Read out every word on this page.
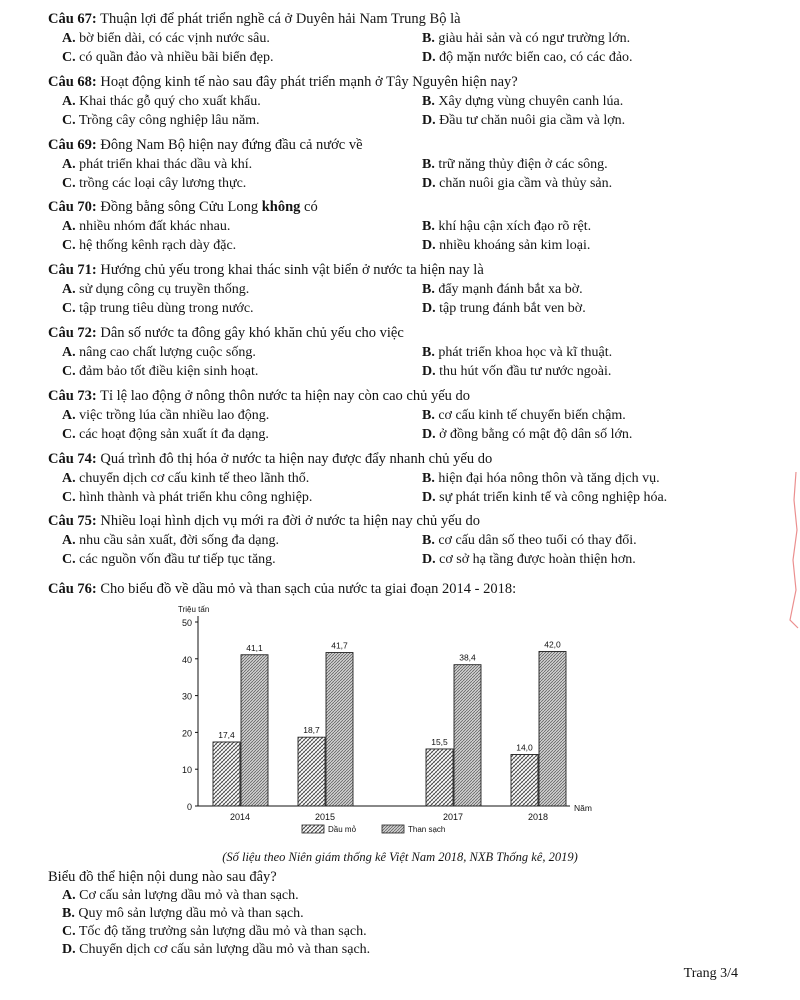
Câu 67: Thuận lợi để phát triển nghề cá ở Duyên hải Nam Trung Bộ là
A. bờ biển dài, có các vịnh nước sâu.	B. giàu hải sản và có ngư trường lớn.
C. có quần đảo và nhiều bãi biển đẹp.	D. độ mặn nước biển cao, có các đảo.
Câu 68: Hoạt động kinh tế nào sau đây phát triển mạnh ở Tây Nguyên hiện nay?
A. Khai thác gỗ quý cho xuất khẩu.	B. Xây dựng vùng chuyên canh lúa.
C. Trồng cây công nghiệp lâu năm.	D. Đầu tư chăn nuôi gia cầm và lợn.
Câu 69: Đông Nam Bộ hiện nay đứng đầu cả nước về
A. phát triển khai thác dầu và khí.	B. trữ năng thủy điện ở các sông.
C. trồng các loại cây lương thực.	D. chăn nuôi gia cầm và thủy sản.
Câu 70: Đồng bằng sông Cửu Long không có
A. nhiều nhóm đất khác nhau.	B. khí hậu cận xích đạo rõ rệt.
C. hệ thống kênh rạch dày đặc.	D. nhiều khoáng sản kim loại.
Câu 71: Hướng chủ yếu trong khai thác sinh vật biển ở nước ta hiện nay là
A. sử dụng công cụ truyền thống.	B. đẩy mạnh đánh bắt xa bờ.
C. tập trung tiêu dùng trong nước.	D. tập trung đánh bắt ven bờ.
Câu 72: Dân số nước ta đông gây khó khăn chủ yếu cho việc
A. nâng cao chất lượng cuộc sống.	B. phát triển khoa học và kĩ thuật.
C. đảm bảo tốt điều kiện sinh hoạt.	D. thu hút vốn đầu tư nước ngoài.
Câu 73: Tỉ lệ lao động ở nông thôn nước ta hiện nay còn cao chủ yếu do
A. việc trồng lúa cần nhiều lao động.	B. cơ cấu kinh tế chuyển biến chậm.
C. các hoạt động sản xuất ít đa dạng.	D. ở đồng bằng có mật độ dân số lớn.
Câu 74: Quá trình đô thị hóa ở nước ta hiện nay được đẩy nhanh chủ yếu do
A. chuyển dịch cơ cấu kinh tế theo lãnh thổ.	B. hiện đại hóa nông thôn và tăng dịch vụ.
C. hình thành và phát triển khu công nghiệp.	D. sự phát triển kinh tế và công nghiệp hóa.
Câu 75: Nhiều loại hình dịch vụ mới ra đời ở nước ta hiện nay chủ yếu do
A. nhu cầu sản xuất, đời sống đa dạng.	B. cơ cấu dân số theo tuổi có thay đổi.
C. các nguồn vốn đầu tư tiếp tục tăng.	D. cơ sở hạ tầng được hoàn thiện hơn.
Câu 76: Cho biểu đồ về dầu mỏ và than sạch của nước ta giai đoạn 2014 - 2018:
0
10
20
30
40
50
Triệu tấn
Năm
17,4
41,1
2014
18,7
41,7
2015
15,5
38,4
2017
14,0
42,0
2018
Dầu mỏ	Than sạch
(Số liệu theo Niên giám thống kê Việt Nam 2018, NXB Thống kê, 2019)
Biểu đồ thể hiện nội dung nào sau đây?
A. Cơ cấu sản lượng dầu mỏ và than sạch.
B. Quy mô sản lượng dầu mỏ và than sạch.
C. Tốc độ tăng trưởng sản lượng dầu mỏ và than sạch.
D. Chuyển dịch cơ cấu sản lượng dầu mỏ và than sạch.
Trang 3/4
